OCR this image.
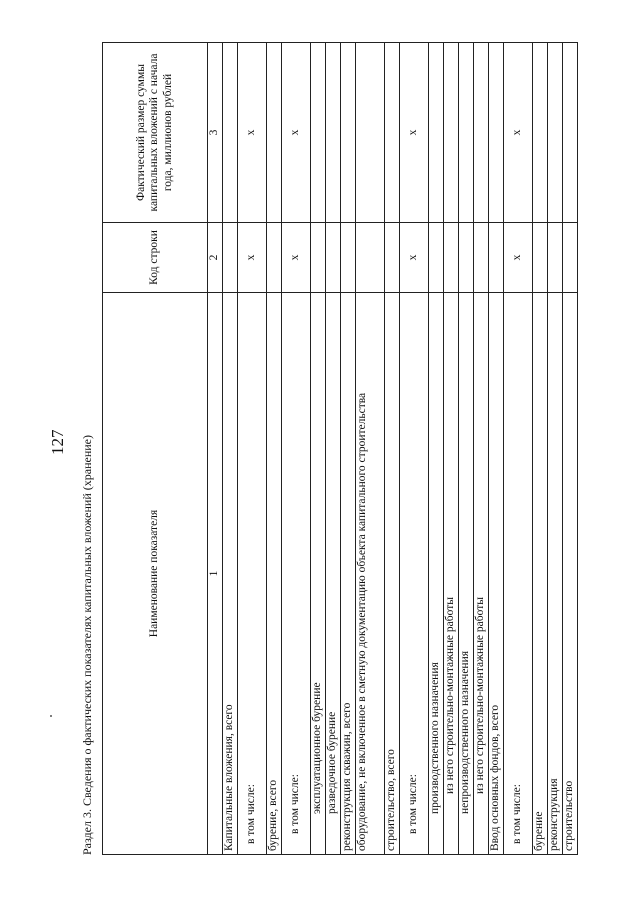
127 Раздел 3. Сведения о фактических показателях капитальных вложений (хранение)	Наименование показателя	Код строки	Фактический размер суммы капитальных вложений с начала года, миллионов рублей
1	2	3
Капитальные вложения, всего		
в том числе:	x	x
бурение, всего		
в том числе:	x	x
эксплуатационное бурение		
разведочное бурение		
реконструкция скважин, всего		
оборудование, не включенное в сметную документацию объекта капитального строительства		
строительство, всего		
в том числе:	x	x
производственного назначения		
из него строительно-монтажные работы		
непроизводственного назначения		
из него строительно-монтажные работы		
Ввод основных фондов, всего		
в том числе:	x	x
бурение		
реконструкция		
строительство		
